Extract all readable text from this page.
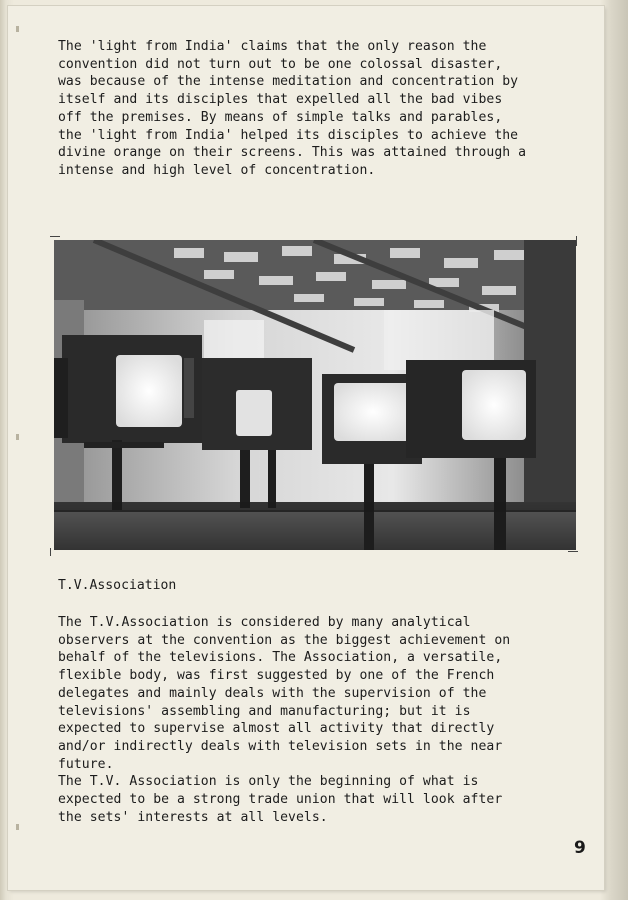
The 'light from India' claims that the only reason the
convention did not turn out to be one colossal disaster,
was because of the intense meditation and concentration by
itself and its disciples that expelled all the bad vibes
off the premises. By means of simple talks and parables,
the 'light from India' helped its disciples to achieve the
divine orange on their screens. This was attained through a
intense and high level of concentration.
T.V.Association
The T.V.Association is considered by many analytical
observers at the convention as the biggest achievement on
behalf of the televisions. The Association, a versatile,
flexible body, was first suggested by one of the French
delegates and mainly deals with the supervision of the
televisions' assembling and manufacturing; but it is
expected to supervise almost all activity that directly
and/or indirectly deals with television sets in the near
future.
The T.V. Association is only the beginning of what is
expected to be a strong trade union that will look after
the sets' interests at all levels.
9
